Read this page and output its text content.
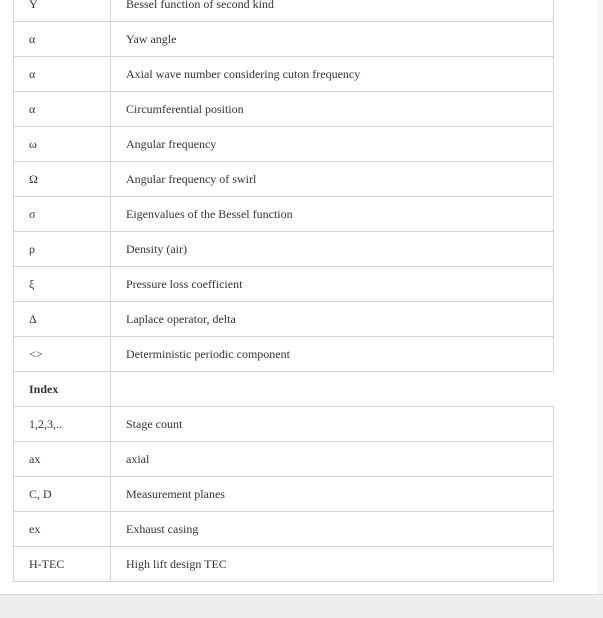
Y	Bessel function of second kind
α	Yaw angle
α	Axial wave number considering cuton frequency
α	Circumferential position
ω	Angular frequency
Ω	Angular frequency of swirl
σ	Eigenvalues of the Bessel function
ρ	Density (air)
ξ	Pressure loss coefficient
Δ	Laplace operator, delta
<>	Deterministic periodic component
Index	
1,2,3,..	Stage count
ax	axial
C, D	Measurement planes
ex	Exhaust casing
H-TEC	High lift design TEC
